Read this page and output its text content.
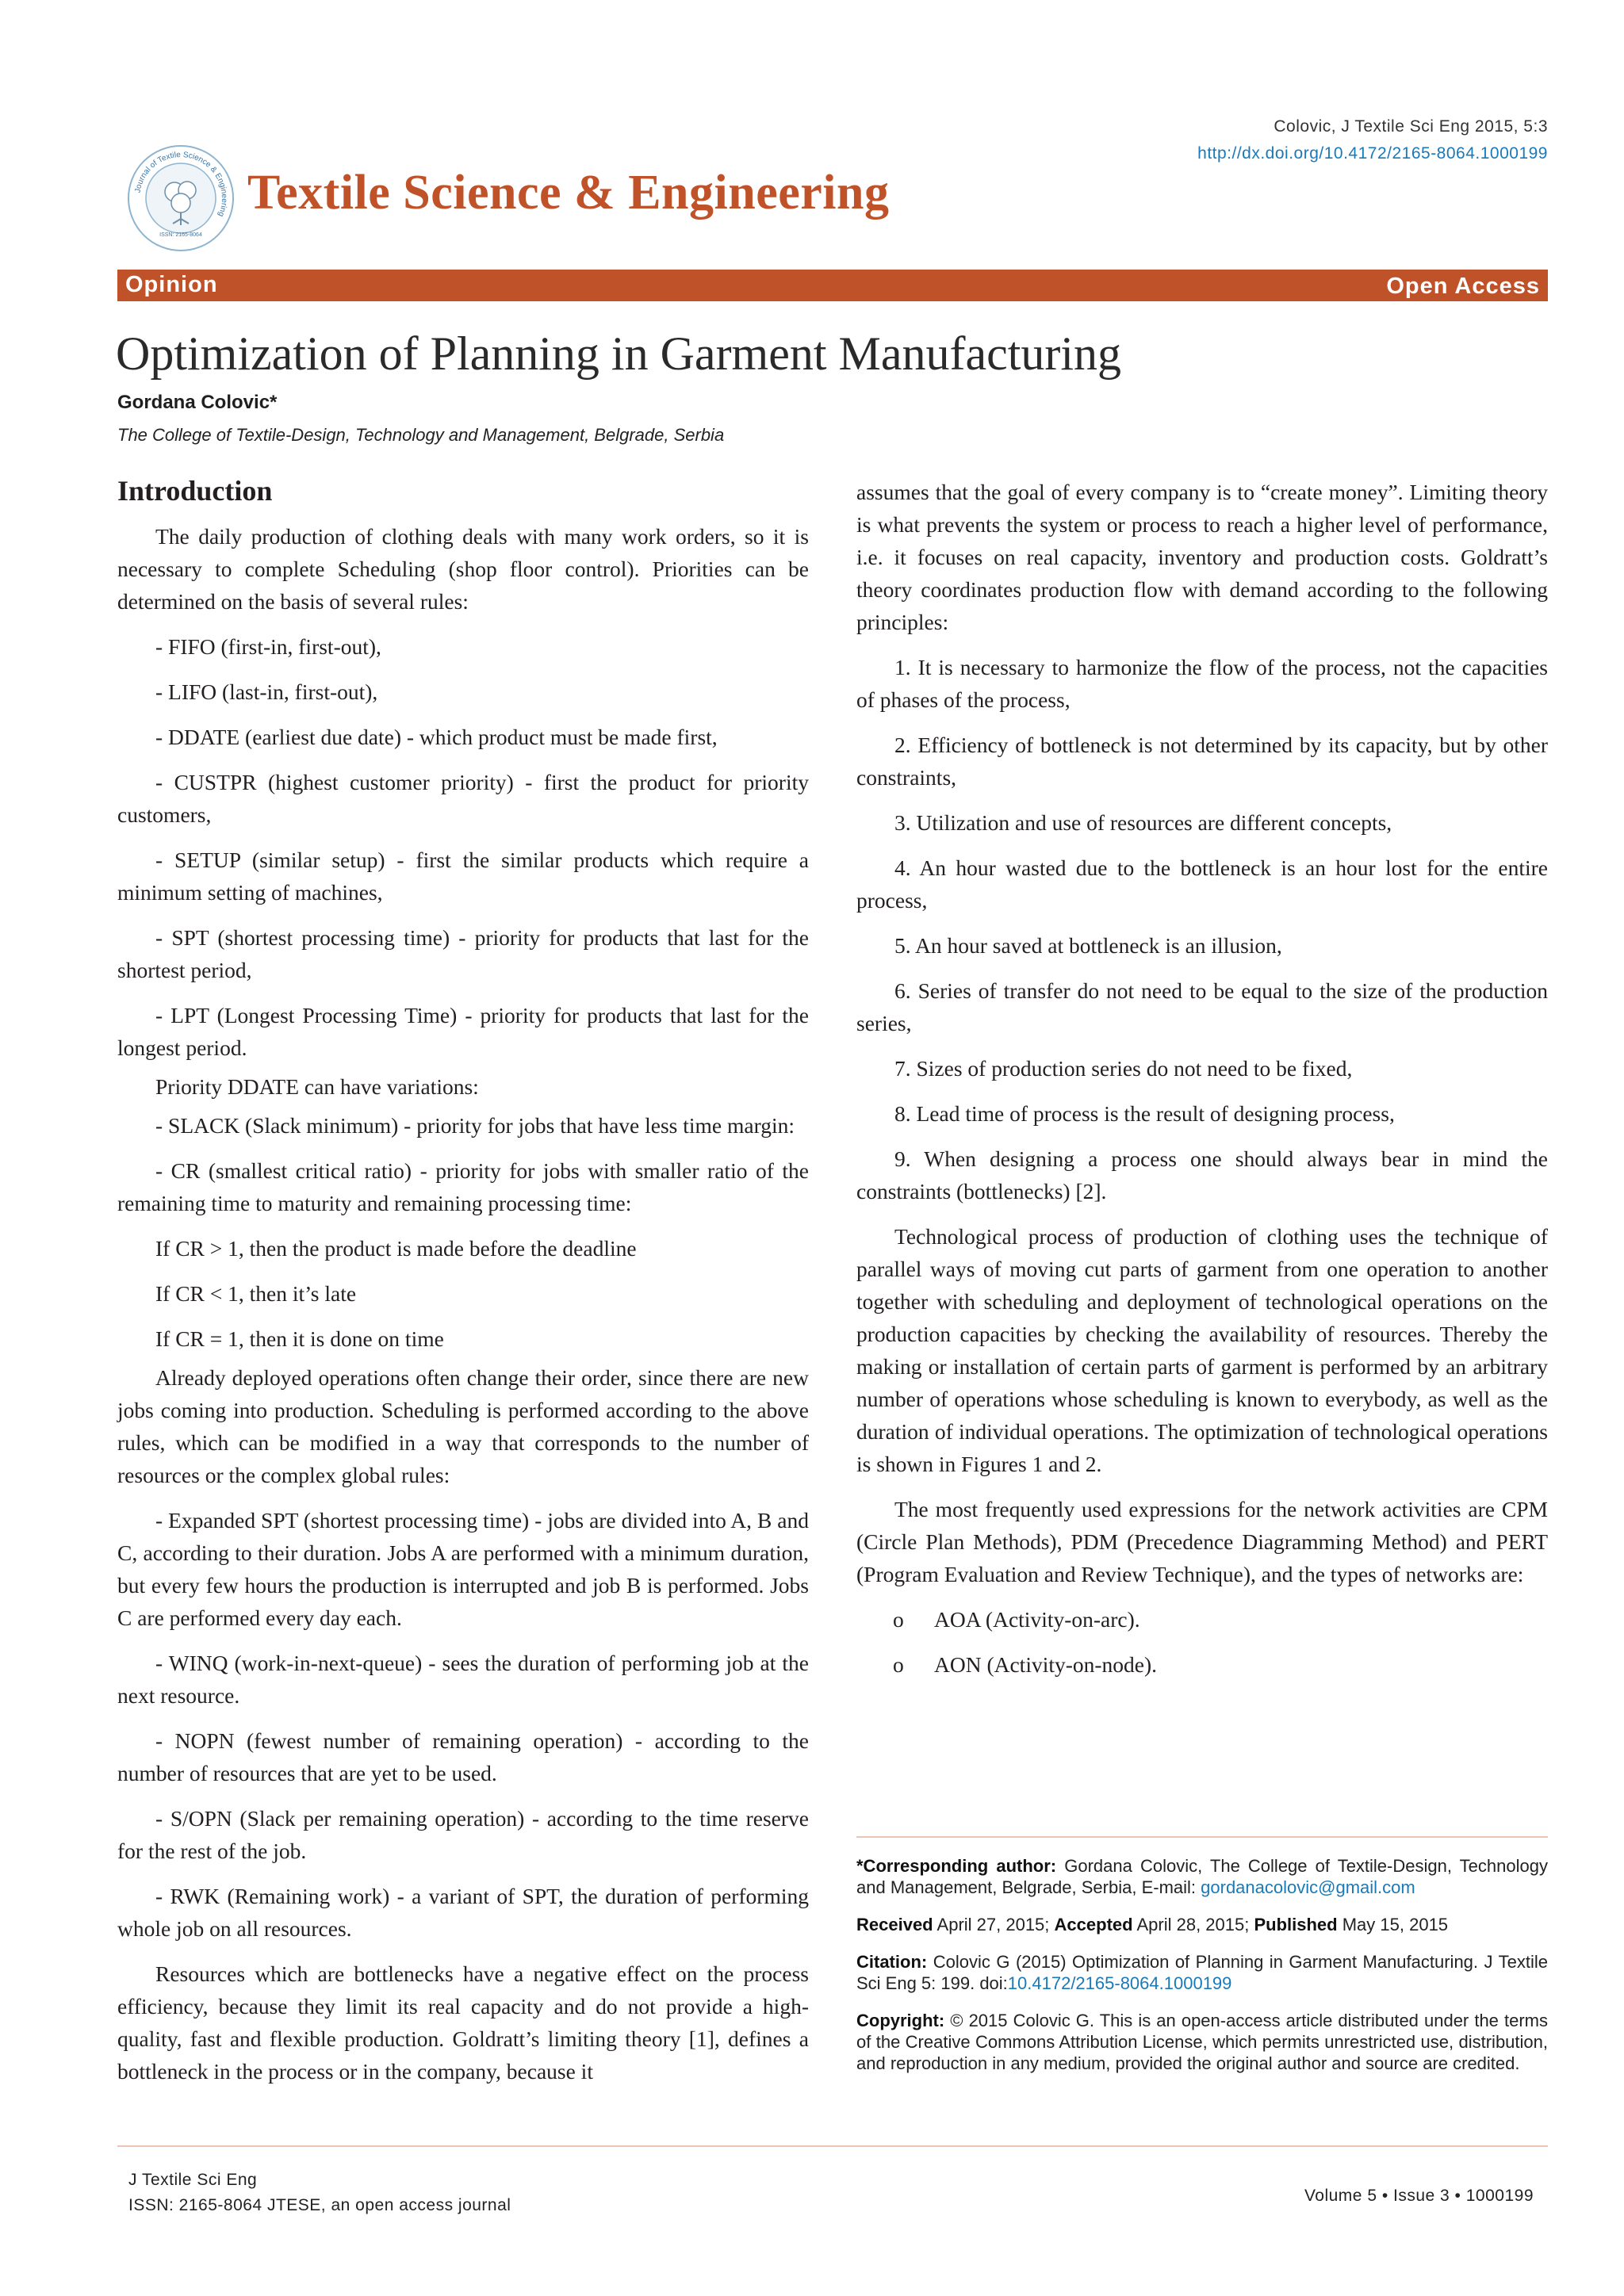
Colovic, J Textile Sci Eng 2015, 5:3
http://dx.doi.org/10.4172/2165-8064.1000199
Journal of Textile Science & Engineering
ISSN: 2165-8064
Textile Science & Engineering
Opinion	Open Access
Optimization of Planning in Garment Manufacturing
Gordana Colovic*
The College of Textile-Design, Technology and Management, Belgrade, Serbia
Introduction

The daily production of clothing deals with many work orders, so it is necessary to complete Scheduling (shop floor control). Priorities can be determined on the basis of several rules:

- FIFO (first-in, first-out),

- LIFO (last-in, first-out),

- DDATE (earliest due date) - which product must be made first,

- CUSTPR (highest customer priority) - first the product for priority customers,

- SETUP (similar setup) - first the similar products which require a minimum setting of machines,

- SPT (shortest processing time) - priority for products that last for the shortest period,

- LPT (Longest Processing Time) - priority for products that last for the longest period.

Priority DDATE can have variations:

- SLACK (Slack minimum) - priority for jobs that have less time margin:

- CR (smallest critical ratio) - priority for jobs with smaller ratio of the remaining time to maturity and remaining processing time:

If CR > 1, then the product is made before the deadline

If CR < 1, then it’s late

If CR = 1, then it is done on time

Already deployed operations often change their order, since there are new jobs coming into production. Scheduling is performed according to the above rules, which can be modified in a way that corresponds to the number of resources or the complex global rules:

- Expanded SPT (shortest processing time) - jobs are divided into A, B and C, according to their duration. Jobs A are performed with a minimum duration, but every few hours the production is interrupted and job B is performed. Jobs C are performed every day each.

- WINQ (work-in-next-queue) - sees the duration of performing job at the next resource.

- NOPN (fewest number of remaining operation) - according to the number of resources that are yet to be used.

- S/OPN (Slack per remaining operation) - according to the time reserve for the rest of the job.

- RWK (Remaining work) - a variant of SPT, the duration of performing whole job on all resources.

Resources which are bottlenecks have a negative effect on the process efficiency, because they limit its real capacity and do not provide a high-quality, fast and flexible production. Goldratt’s limiting theory [1], defines a bottleneck in the process or in the company, because it

assumes that the goal of every company is to “create money”. Limiting theory is what prevents the system or process to reach a higher level of performance, i.e. it focuses on real capacity, inventory and production costs. Goldratt’s theory coordinates production flow with demand according to the following principles:

1. It is necessary to harmonize the flow of the process, not the capacities of phases of the process,

2. Efficiency of bottleneck is not determined by its capacity, but by other constraints,

3. Utilization and use of resources are different concepts,

4. An hour wasted due to the bottleneck is an hour lost for the entire process,

5. An hour saved at bottleneck is an illusion,

6. Series of transfer do not need to be equal to the size of the production series,

7. Sizes of production series do not need to be fixed,

8. Lead time of process is the result of designing process,

9. When designing a process one should always bear in mind the constraints (bottlenecks) [2].

Technological process of production of clothing uses the technique of parallel ways of moving cut parts of garment from one operation to another together with scheduling and deployment of technological operations on the production capacities by checking the availability of resources. Thereby the making or installation of certain parts of garment is performed by an arbitrary number of operations whose scheduling is known to everybody, as well as the duration of individual operations. The optimization of technological operations is shown in Figures 1 and 2.

The most frequently used expressions for the network activities are CPM (Circle Plan Methods), PDM (Precedence Diagramming Method) and PERT (Program Evaluation and Review Technique), and the types of networks are:

o AOA (Activity-on-arc).
o AON (Activity-on-node).

*Corresponding author: Gordana Colovic, The College of Textile-Design, Technology and Management, Belgrade, Serbia, E-mail: gordanacolovic@gmail.com

Received April 27, 2015; Accepted April 28, 2015; Published May 15, 2015

Citation: Colovic G (2015) Optimization of Planning in Garment Manufacturing. J Textile Sci Eng 5: 199. doi:10.4172/2165-8064.1000199

Copyright: © 2015 Colovic G. This is an open-access article distributed under the terms of the Creative Commons Attribution License, which permits unrestricted use, distribution, and reproduction in any medium, provided the original author and source are credited.

J Textile Sci Eng
ISSN: 2165-8064 JTESE, an open access journal
Volume 5 • Issue 3 • 1000199
